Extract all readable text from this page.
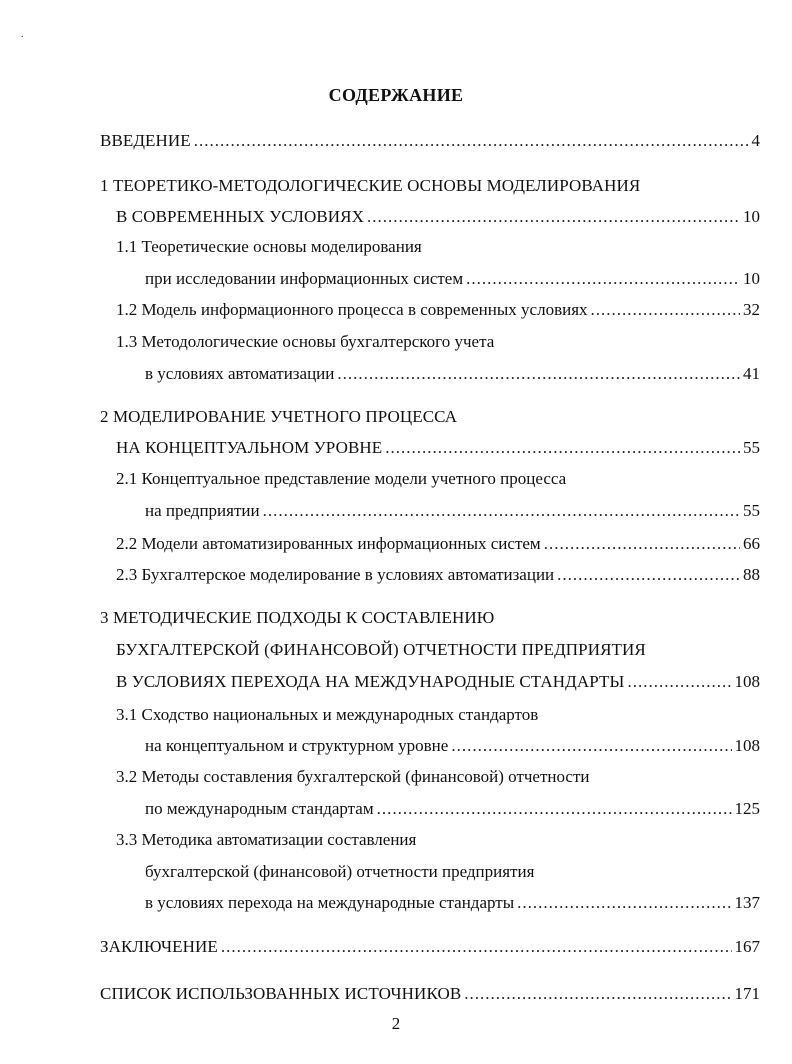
.
СОДЕРЖАНИЕ
ВВЕДЕНИЕ .....	4
1 ТЕОРЕТИКО-МЕТОДОЛОГИЧЕСКИЕ ОСНОВЫ МОДЕЛИРОВАНИЯ
В СОВРЕМЕННЫХ УСЛОВИЯХ .....	10
1.1 Теоретические основы моделирования
при исследовании информационных систем .....	10
1.2 Модель информационного процесса в современных условиях .....	32
1.3 Методологические основы бухгалтерского учета
в условиях автоматизации .....	41
2 МОДЕЛИРОВАНИЕ УЧЕТНОГО ПРОЦЕССА
НА КОНЦЕПТУАЛЬНОМ УРОВНЕ .....	55
2.1 Концептуальное представление модели учетного процесса
на предприятии .....	55
2.2 Модели автоматизированных информационных систем .....	66
2.3 Бухгалтерское моделирование в условиях автоматизации .....	88
3 МЕТОДИЧЕСКИЕ ПОДХОДЫ К СОСТАВЛЕНИЮ
БУХГАЛТЕРСКОЙ (ФИНАНСОВОЙ) ОТЧЕТНОСТИ ПРЕДПРИЯТИЯ
В УСЛОВИЯХ ПЕРЕХОДА НА МЕЖДУНАРОДНЫЕ СТАНДАРТЫ .....	108
3.1 Сходство национальных и международных стандартов
на концептуальном и структурном уровне .....	108
3.2 Методы составления бухгалтерской (финансовой) отчетности
по международным стандартам .....	125
3.3 Методика автоматизации составления
бухгалтерской (финансовой) отчетности предприятия
в условиях перехода на международные стандарты .....	137
ЗАКЛЮЧЕНИЕ .....	167
СПИСОК ИСПОЛЬЗОВАННЫХ ИСТОЧНИКОВ .....	171
2
